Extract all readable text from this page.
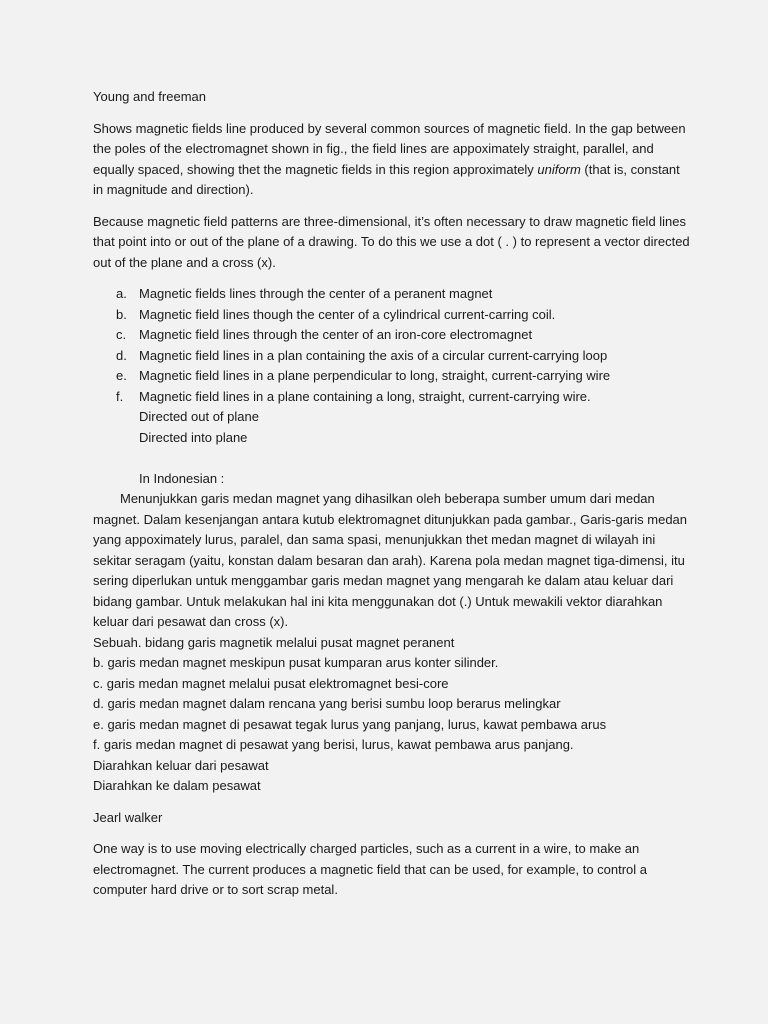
Young and freeman

Shows magnetic fields line produced by several common sources of magnetic field. In the gap between the poles of the electromagnet shown in fig., the field lines are appoximately straight, parallel, and equally spaced, showing thet the magnetic fields in this region approximately uniform (that is, constant in magnitude and direction).

Because magnetic field patterns are three-dimensional, it’s often necessary to draw magnetic field lines that point into or out of the plane of a drawing. To do this we use a dot ( . ) to represent a vector directed out of the plane and a cross (x).

a. Magnetic fields lines through the center of a peranent magnet
b. Magnetic field lines though the center of a cylindrical current-carring coil.
c. Magnetic field lines through the center of an iron-core electromagnet
d. Magnetic field lines in a plan containing the axis of a circular current-carrying loop
e. Magnetic field lines in a plane perpendicular to long, straight, current-carrying wire
f. Magnetic field lines in a plane containing a long, straight, current-carrying wire.

Directed out of plane

Directed into plane

In Indonesian :

Menunjukkan garis medan magnet yang dihasilkan oleh beberapa sumber umum dari medan magnet. Dalam kesenjangan antara kutub elektromagnet ditunjukkan pada gambar., Garis-garis medan yang appoximately lurus, paralel, dan sama spasi, menunjukkan thet medan magnet di wilayah ini sekitar seragam (yaitu, konstan dalam besaran dan arah). Karena pola medan magnet tiga-dimensi, itu sering diperlukan untuk menggambar garis medan magnet yang mengarah ke dalam atau keluar dari bidang gambar. Untuk melakukan hal ini kita menggunakan dot (.) Untuk mewakili vektor diarahkan keluar dari pesawat dan cross (x).

Sebuah. bidang garis magnetik melalui pusat magnet peranent

b. garis medan magnet meskipun pusat kumparan arus konter silinder.

c. garis medan magnet melalui pusat elektromagnet besi-core

d. garis medan magnet dalam rencana yang berisi sumbu loop berarus melingkar

e. garis medan magnet di pesawat tegak lurus yang panjang, lurus, kawat pembawa arus

f. garis medan magnet di pesawat yang berisi, lurus, kawat pembawa arus panjang.

Diarahkan keluar dari pesawat

Diarahkan ke dalam pesawat

Jearl walker

One way is to use moving electrically charged particles, such as a current in a wire, to make an electromagnet. The current produces a magnetic field that can be used, for example, to control a computer hard drive or to sort scrap metal.
